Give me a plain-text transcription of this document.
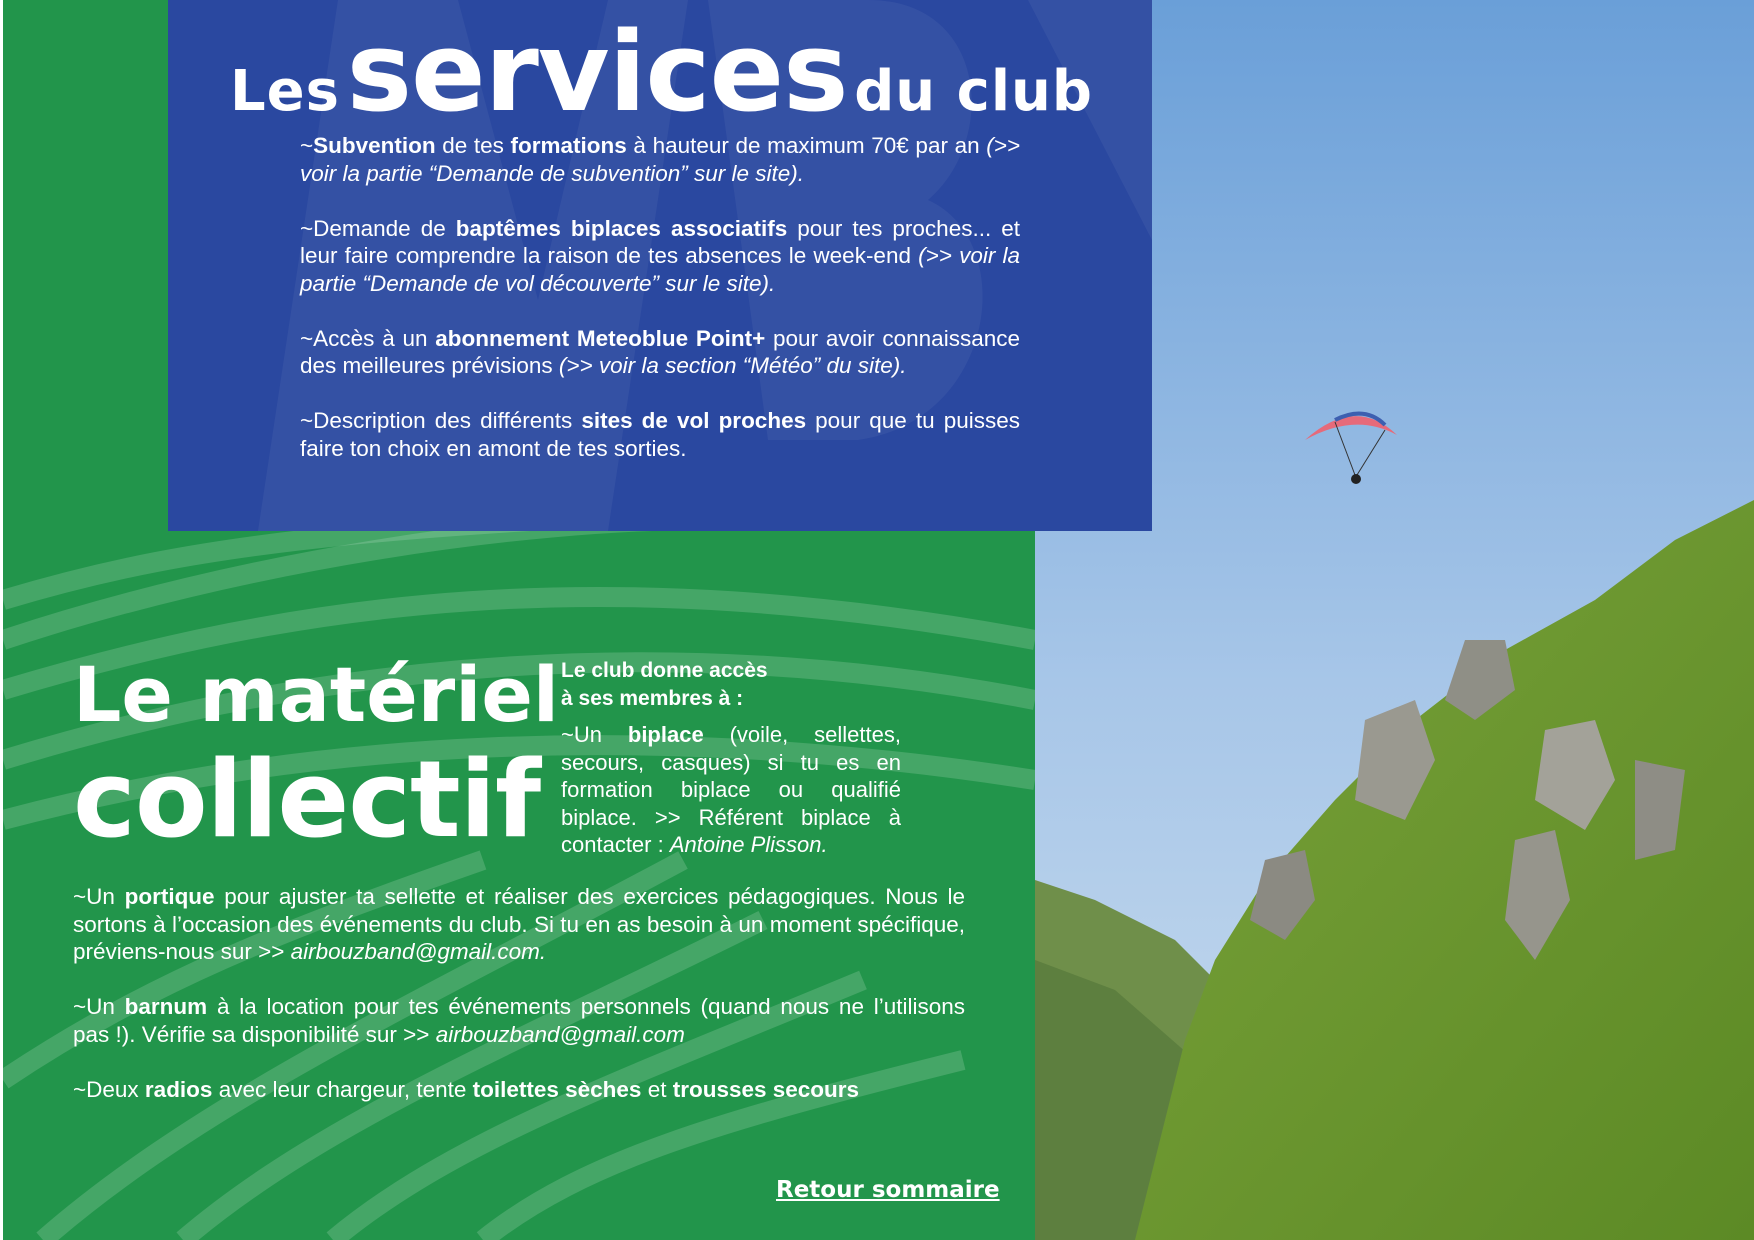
Les services du club

~Subvention de tes formations à hauteur de maximum 70€ par an (>> voir la partie “Demande de subvention” sur le site).

~Demande de baptêmes biplaces associatifs pour tes proches... et leur faire comprendre la raison de tes absences le week-end (>> voir la partie “Demande de vol découverte” sur le site).

~Accès à un abonnement Meteoblue Point+ pour avoir connaissance des meilleures prévisions (>> voir la section “Météo” du site).

~Description des différents sites de vol proches pour que tu puisses faire ton choix en amont de tes sorties.

Le matériel
collectif
Le club donne accès
à ses membres à :
~Un biplace (voile, sellettes, secours, casques) si tu es en formation biplace ou qualifié biplace. >> Référent biplace à contacter : Antoine Plisson.

~Un portique pour ajuster ta sellette et réaliser des exercices pédagogiques. Nous le sortons à l’occasion des événements du club. Si tu en as besoin à un moment spécifique, préviens-nous sur >> airbouzband@gmail.com.

~Un barnum à la location pour tes événements personnels (quand nous ne l’utilisons pas !). Vérifie sa disponibilité sur >> airbouzband@gmail.com

~Deux radios avec leur chargeur, tente toilettes sèches et trousses secours

Retour sommaire
